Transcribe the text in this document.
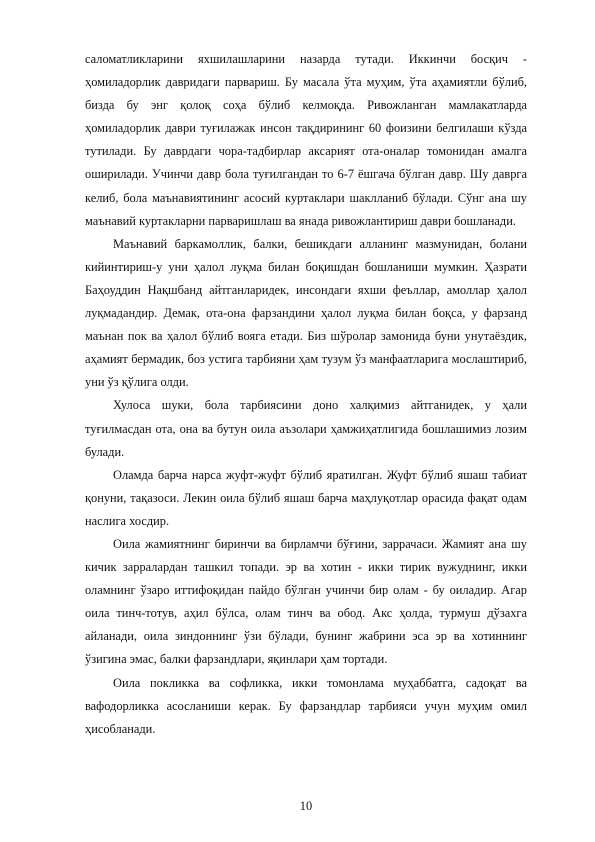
саломатликларини яхшилашларини назарда тутади. Иккинчи босқич - ҳомиладорлик давридаги парвариш. Бу масала ўта муҳим, ўта аҳамиятли бўлиб, бизда бу энг қолоқ соҳа бўлиб келмоқда. Ривожланган мамлакатларда ҳомиладорлик даври туғилажак инсон тақдирининг 60 фоизини белгилаши кўзда тутилади. Бу даврдаги чора-тадбирлар аксарият ота-оналар томонидан амалга оширилади. Учинчи давр бола туғилгандан то 6-7 ёшгача бўлган давр. Шу даврга келиб, бола маънавиятининг асосий куртаклари шаклланиб бўлади. Сўнг ана шу маънавий куртакларни парваришлаш ва янада ривожлантириш даври бошланади.

Маънавий баркамоллик, балки, бешикдаги алланинг мазмунидан, болани кийинтириш-у уни ҳалол луқма билан боқишдан бошланиши мумкин. Ҳазрати Баҳоуддин Нақшбанд айтганларидек, инсондаги яхши феъллар, амоллар ҳалол луқмадандир. Демак, ота-она фарзандини ҳалол луқма билан боқса, у фарзанд маънан пок ва ҳалол бўлиб вояга етади. Биз шўролар замонида буни унутаёздик, аҳамият бермадик, боз устига тарбияни ҳам тузум ўз манфаатларига мослаштириб, уни ўз қўлига олди.

Хулоса шуки, бола тарбиясини доно халқимиз айтганидек, у ҳали туғилмасдан ота, она ва бутун оила аъзолари ҳамжиҳатлигида бошлашимиз лозим булади.

Оламда барча нарса жуфт-жуфт бўлиб яратилган. Жуфт бўлиб яшаш табиат қонуни, тақазоси. Лекин оила бўлиб яшаш барча маҳлуқотлар орасида фақат одам наслига хосдир.

Оила жамиятнинг биринчи ва бирламчи бўғини, заррачаси. Жамият ана шу кичик зарралардан ташкил топади. эр ва хотин - икки тирик вужуднинг, икки оламнинг ўзаро иттифоқидан пайдо бўлган учинчи бир олам - бу оиладир. Агар оила тинч-тотув, аҳил бўлса, олам тинч ва обод. Акс ҳолда, турмуш дўзахга айланади, оила зиндоннинг ўзи бўлади, бунинг жабрини эса эр ва хотиннинг ўзигина эмас, балки фарзандлари, яқинлари ҳам тортади.

Оила покликка ва софликка, икки томонлама муҳаббатга, садоқат ва вафодорликка асосланиши керак. Бу фарзандлар тарбияси учун муҳим омил ҳисобланади.

10
